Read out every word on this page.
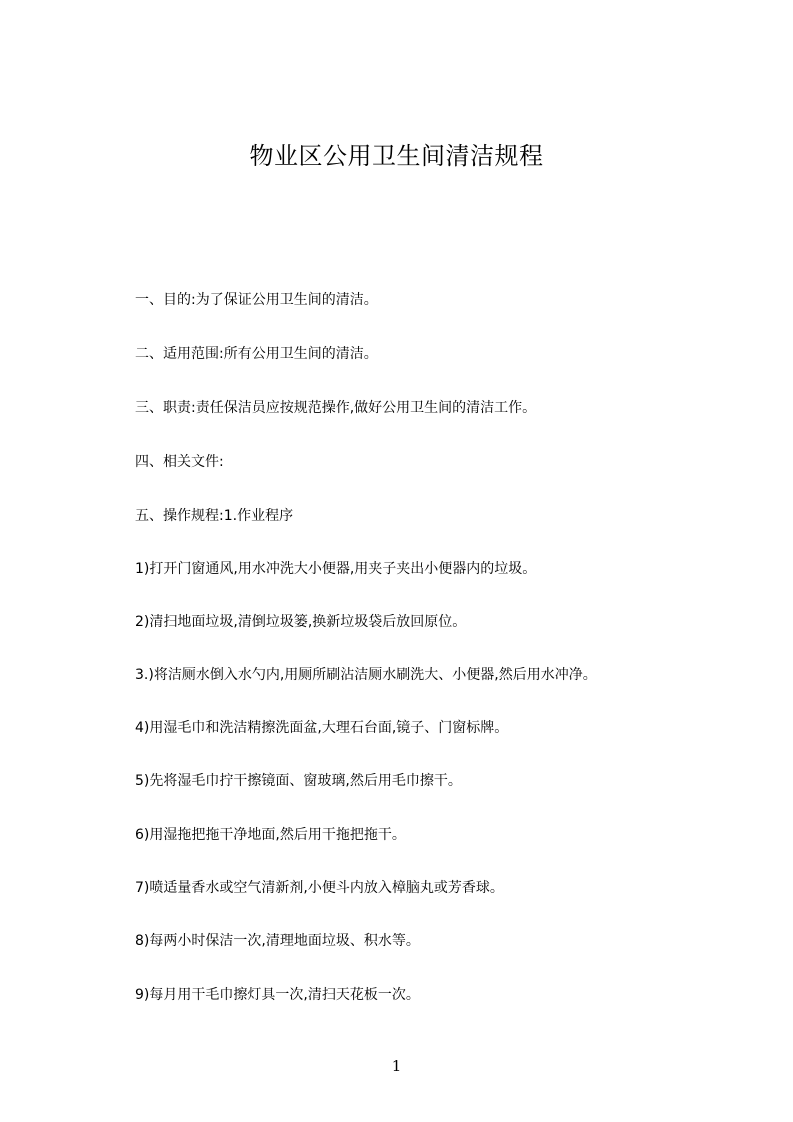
物业区公用卫生间清洁规程
一、目的:为了保证公用卫生间的清洁。
二、适用范围:所有公用卫生间的清洁。
三、职责:责任保洁员应按规范操作,做好公用卫生间的清洁工作。
四、相关文件:
五、操作规程:1.作业程序
1)打开门窗通风,用水冲洗大小便器,用夹子夹出小便器内的垃圾。
2)清扫地面垃圾,清倒垃圾篓,换新垃圾袋后放回原位。
3.)将洁厕水倒入水勺内,用厕所刷沾洁厕水刷洗大、小便器,然后用水冲净。
4)用湿毛巾和洗洁精擦洗面盆,大理石台面,镜子、门窗标牌。
5)先将湿毛巾拧干擦镜面、窗玻璃,然后用毛巾擦干。
6)用湿拖把拖干净地面,然后用干拖把拖干。
7)喷适量香水或空气清新剂,小便斗内放入樟脑丸或芳香球。
8)每两小时保洁一次,清理地面垃圾、积水等。
9)每月用干毛巾擦灯具一次,清扫天花板一次。
1
